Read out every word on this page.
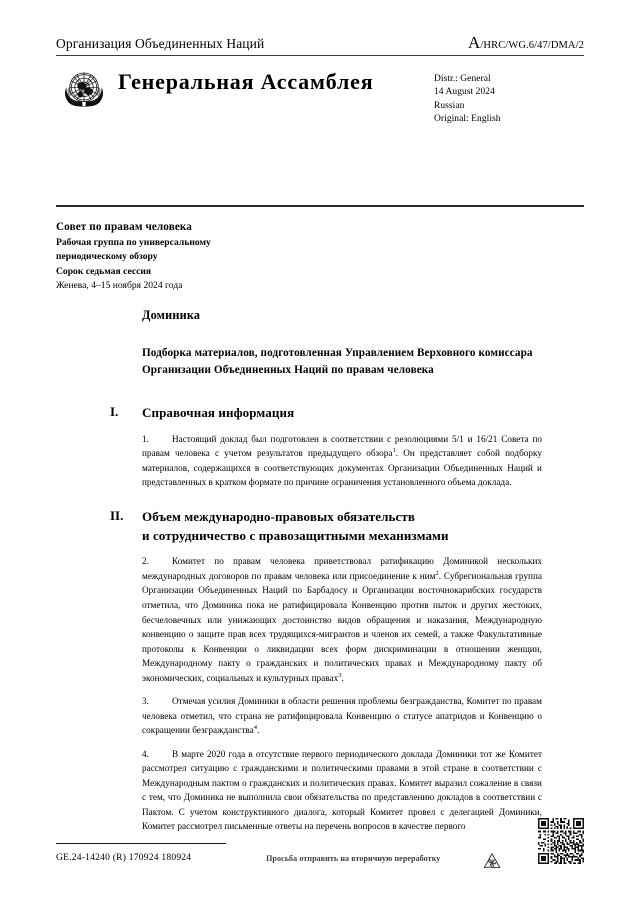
Организация Объединенных Наций	A/HRC/WG.6/47/DMA/2
Генеральная Ассамблея	Distr.: General
14 August 2024
Russian
Original: English
Совет по правам человека
Рабочая группа по универсальному
периодическому обзору
Сорок седьмая сессия
Женева, 4–15 ноября 2024 года
Доминика
Подборка материалов, подготовленная Управлением Верховного комиссара Организации Объединенных Наций по правам человека
I.	Справочная информация
1.	Настоящий доклад был подготовлен в соответствии с резолюциями 5/1 и 16/21 Совета по правам человека с учетом результатов предыдущего обзора$^1$. Он представляет собой подборку материалов, содержащихся в соответствующих документах Организации Объединенных Наций и представленных в кратком формате по причине ограничения установленного объема доклада.
II.	Объем международно-правовых обязательств
и сотрудничество с правозащитными механизмами
2.	Комитет по правам человека приветствовал ратификацию Доминикой нескольких международных договоров по правам человека или присоединение к ним$^2$. Субрегиональная группа Организации Объединенных Наций по Барбадосу и Организации восточнокарибских государств отметила, что Доминика пока не ратифицировала Конвенцию против пыток и других жестоких, бесчеловечных или унижающих достоинство видов обращения и наказания, Международную конвенцию о защите прав всех трудящихся-мигрантов и членов их семей, а также Факультативные протоколы к Конвенции о ликвидации всех форм дискриминации в отношении женщин, Международному пакту о гражданских и политических правах и Международному пакту об экономических, социальных и культурных правах$^3$.
3.	Отмечая усилия Доминики в области решения проблемы безгражданства, Комитет по правам человека отметил, что страна не ратифицировала Конвенцию о статусе апатридов и Конвенцию о сокращении безгражданства$^4$.
4.	В марте 2020 года в отсутствие первого периодического доклада Доминики тот же Комитет рассмотрел ситуацию с гражданскими и политическими правами в этой стране в соответствии с Международным пактом о гражданских и политических правах. Комитет выразил сожаление в связи с тем, что Доминика не выполнила свои обязательства по представлению докладов в соответствии с Пактом. С учетом конструктивного диалога, который Комитет провел с делегацией Доминики, Комитет рассмотрел письменные ответы на перечень вопросов в качестве первого
GE.24-14240 (R) 170924 180924	Просьба отправить на вторичную переработку
